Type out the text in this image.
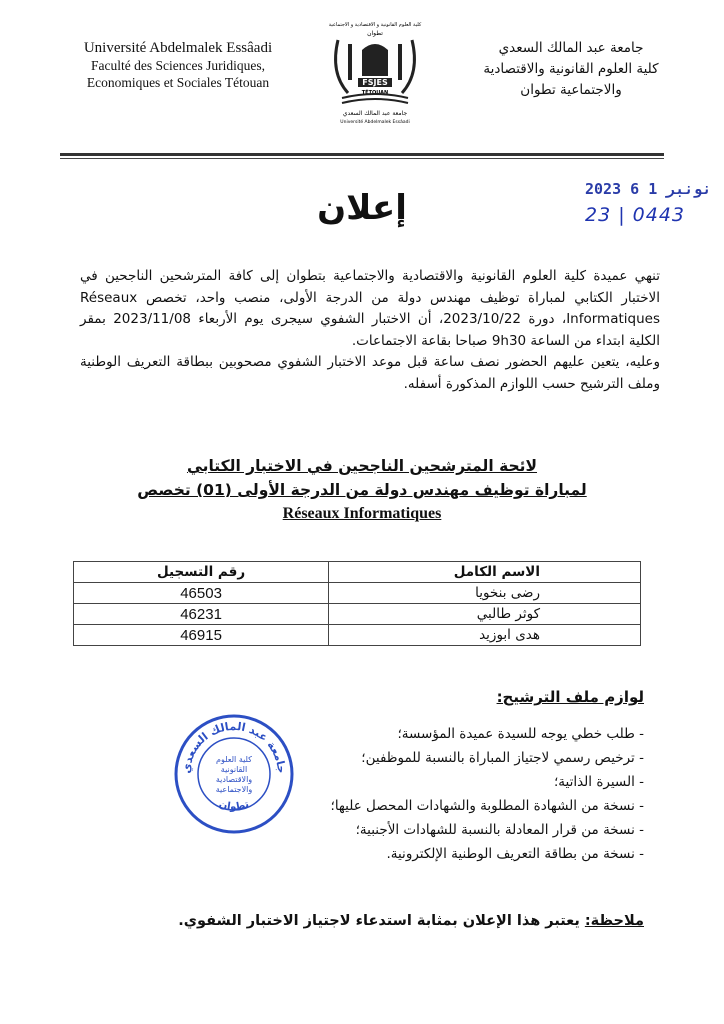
Université Abdelmalek Essâadi
Faculté des Sciences Juridiques,
Economiques et Sociales Tétouan
كلية العلوم القانونية و الاقتصادية و الاجتماعية
تطوان
FSJES
TÉTOUAN
جامعة عبد المالك السعدي
Université Abdelmalek Essâadi
جامعة عبد المالك السعدي
كلية العلوم القانونية والاقتصادية
والاجتماعية تطوان
2023 نونبر 1 6
23 | 0443
إعلان

تنهي عميدة كلية العلوم القانونية والاقتصادية والاجتماعية بتطوان إلى كافة المترشحين الناجحين في الاختبار الكتابي لمباراة توظيف مهندس دولة من الدرجة الأولى، منصب واحد، تخصص Réseaux Informatiques، دورة 2023/10/22، أن الاختبار الشفوي سيجرى يوم الأربعاء 2023/11/08 بمقر الكلية ابتداء من الساعة 9h30 صباحا بقاعة الاجتماعات.

وعليه، يتعين عليهم الحضور نصف ساعة قبل موعد الاختبار الشفوي مصحوبين ببطاقة التعريف الوطنية وملف الترشيح حسب اللوازم المذكورة أسفله.

لائحة المترشحين الناجحين في الاختبار الكتابي
لمباراة توظيف مهندس دولة من الدرجة الأولى (01) تخصص
Réseaux Informatiques
الاسم الكامل	رقم التسجيل
رضى بنخويا	46503
كوثر طالبي	46231
هدى ابوزيد	46915
لوازم ملف الترشيح:
- طلب خطي يوجه للسيدة عميدة المؤسسة؛
- ترخيص رسمي لاجتياز المباراة بالنسبة للموظفين؛
- السيرة الذاتية؛
- نسخة من الشهادة المطلوبة والشهادات المحصل عليها؛
- نسخة من قرار المعادلة بالنسبة للشهادات الأجنبية؛
- نسخة من بطاقة التعريف الوطنية الإلكترونية.
جامعة عبد المالك السعدي
تطوان
كلية العلوم
القانونية
والاقتصادية
والاجتماعية
ملاحظة: يعتبر هذا الإعلان بمثابة استدعاء لاجتياز الاختبار الشفوي.
